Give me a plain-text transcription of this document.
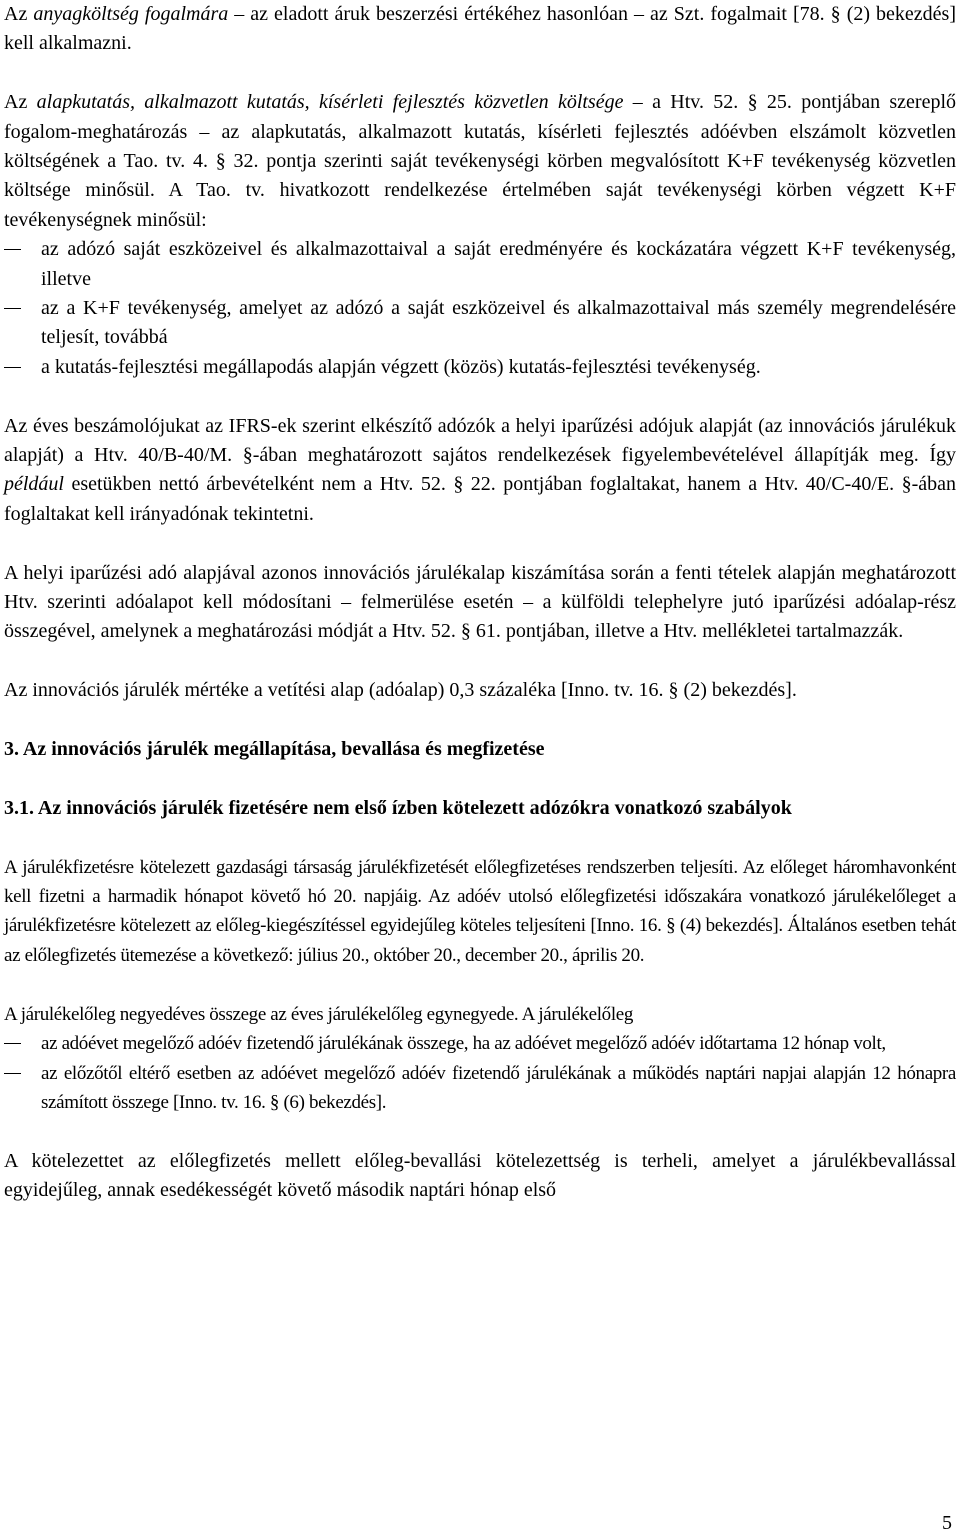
Az anyagköltség fogalmára – az eladott áruk beszerzési értékéhez hasonlóan – az Szt. fogalmait [78. § (2) bekezdés] kell alkalmazni.

Az alapkutatás, alkalmazott kutatás, kísérleti fejlesztés közvetlen költsége – a Htv. 52. § 25. pontjában szereplő fogalom-meghatározás – az alapkutatás, alkalmazott kutatás, kísérleti fejlesztés adóévben elszámolt közvetlen költségének a Tao. tv. 4. § 32. pontja szerinti saját tevékenységi körben megvalósított K+F tevékenység közvetlen költsége minősül. A Tao. tv. hivatkozott rendelkezése értelmében saját tevékenységi körben végzett K+F tevékenységnek minősül:

az adózó saját eszközeivel és alkalmazottaival a saját eredményére és kockázatára végzett K+F tevékenység, illetve
az a K+F tevékenység, amelyet az adózó a saját eszközeivel és alkalmazottaival más személy megrendelésére teljesít, továbbá
a kutatás-fejlesztési megállapodás alapján végzett (közös) kutatás-fejlesztési tevékenység.

Az éves beszámolójukat az IFRS-ek szerint elkészítő adózók a helyi iparűzési adójuk alapját (az innovációs járulékuk alapját) a Htv. 40/B-40/M. §-ában meghatározott sajátos rendelkezések figyelembevételével állapítják meg. Így például esetükben nettó árbevételként nem a Htv. 52. § 22. pontjában foglaltakat, hanem a Htv. 40/C-40/E. §-ában foglaltakat kell irányadónak tekintetni.

A helyi iparűzési adó alapjával azonos innovációs járulékalap kiszámítása során a fenti tételek alapján meghatározott Htv. szerinti adóalapot kell módosítani – felmerülése esetén – a külföldi telephelyre jutó iparűzési adóalap-rész összegével, amelynek a meghatározási módját a Htv. 52. § 61. pontjában, illetve a Htv. mellékletei tartalmazzák.

Az innovációs járulék mértéke a vetítési alap (adóalap) 0,3 százaléka [Inno. tv. 16. § (2) bekezdés].

3. Az innovációs járulék megállapítása, bevallása és megfizetése
3.1. Az innovációs járulék fizetésére nem első ízben kötelezett adózókra vonatkozó szabályok

A járulékfizetésre kötelezett gazdasági társaság járulékfizetését előlegfizetéses rendszerben teljesíti. Az előleget háromhavonként kell fizetni a harmadik hónapot követő hó 20. napjáig. Az adóév utolsó előlegfizetési időszakára vonatkozó járulékelőleget a járulékfizetésre kötelezett az előleg-kiegészítéssel egyidejűleg köteles teljesíteni [Inno. 16. § (4) bekezdés]. Általános esetben tehát az előlegfizetés ütemezése a következő: július 20., október 20., december 20., április 20.

A járulékelőleg negyedéves összege az éves járulékelőleg egynegyede. A járulékelőleg

az adóévet megelőző adóév fizetendő járulékának összege, ha az adóévet megelőző adóév időtartama 12 hónap volt,
az előzőtől eltérő esetben az adóévet megelőző adóév fizetendő járulékának a működés naptári napjai alapján 12 hónapra számított összege [Inno. tv. 16. § (6) bekezdés].

A kötelezettet az előlegfizetés mellett előleg-bevallási kötelezettség is terheli, amelyet a járulékbevallással egyidejűleg, annak esedékességét követő második naptári hónap első

5
